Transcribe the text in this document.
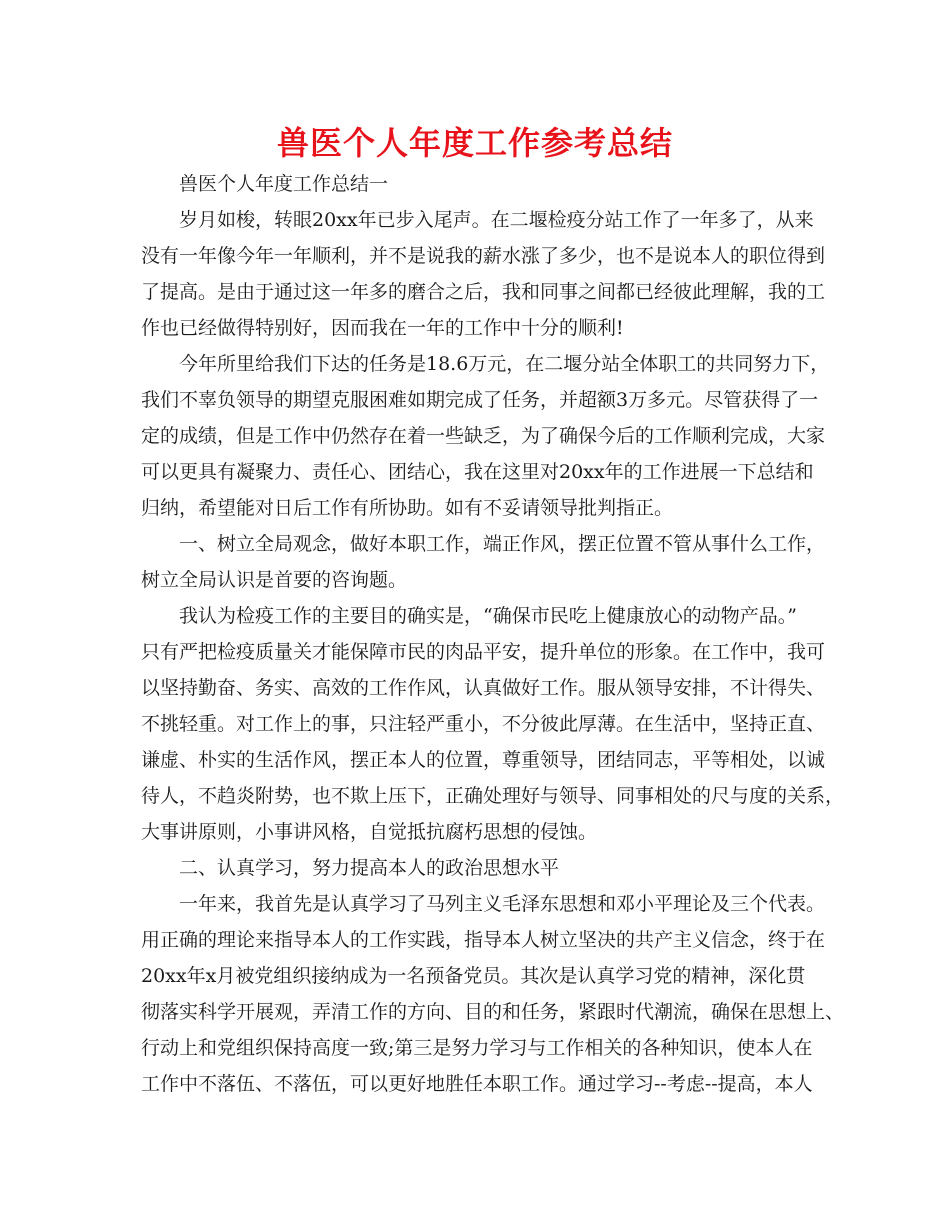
兽医个人年度工作参考总结

兽医个人年度工作总结一

岁月如梭，转眼20xx年已步入尾声。在二堰检疫分站工作了一年多了，从来
没有一年像今年一年顺利，并不是说我的薪水涨了多少，也不是说本人的职位得到
了提高。是由于通过这一年多的磨合之后，我和同事之间都已经彼此理解，我的工
作也已经做得特别好，因而我在一年的工作中十分的顺利!

今年所里给我们下达的任务是18.6万元，在二堰分站全体职工的共同努力下，
我们不辜负领导的期望克服困难如期完成了任务，并超额3万多元。尽管获得了一
定的成绩，但是工作中仍然存在着一些缺乏，为了确保今后的工作顺利完成，大家
可以更具有凝聚力、责任心、团结心，我在这里对20xx年的工作进展一下总结和
归纳，希望能对日后工作有所协助。如有不妥请领导批判指正。

一、树立全局观念，做好本职工作，端正作风，摆正位置不管从事什么工作，
树立全局认识是首要的咨询题。

我认为检疫工作的主要目的确实是，“确保市民吃上健康放心的动物产品。”
只有严把检疫质量关才能保障市民的肉品平安，提升单位的形象。在工作中，我可
以坚持勤奋、务实、高效的工作作风，认真做好工作。服从领导安排，不计得失、
不挑轻重。对工作上的事，只注轻严重小，不分彼此厚薄。在生活中，坚持正直、
谦虚、朴实的生活作风，摆正本人的位置，尊重领导，团结同志，平等相处，以诚
待人，不趋炎附势，也不欺上压下，正确处理好与领导、同事相处的尺与度的关系，
大事讲原则，小事讲风格，自觉抵抗腐朽思想的侵蚀。

二、认真学习，努力提高本人的政治思想水平

一年来，我首先是认真学习了马列主义毛泽东思想和邓小平理论及三个代表。
用正确的理论来指导本人的工作实践，指导本人树立坚决的共产主义信念，终于在
20xx年x月被党组织接纳成为一名预备党员。其次是认真学习党的精神，深化贯
彻落实科学开展观，弄清工作的方向、目的和任务，紧跟时代潮流，确保在思想上、
行动上和党组织保持高度一致;第三是努力学习与工作相关的各种知识，使本人在
工作中不落伍、不落伍，可以更好地胜任本职工作。通过学习--考虑--提高，本人
